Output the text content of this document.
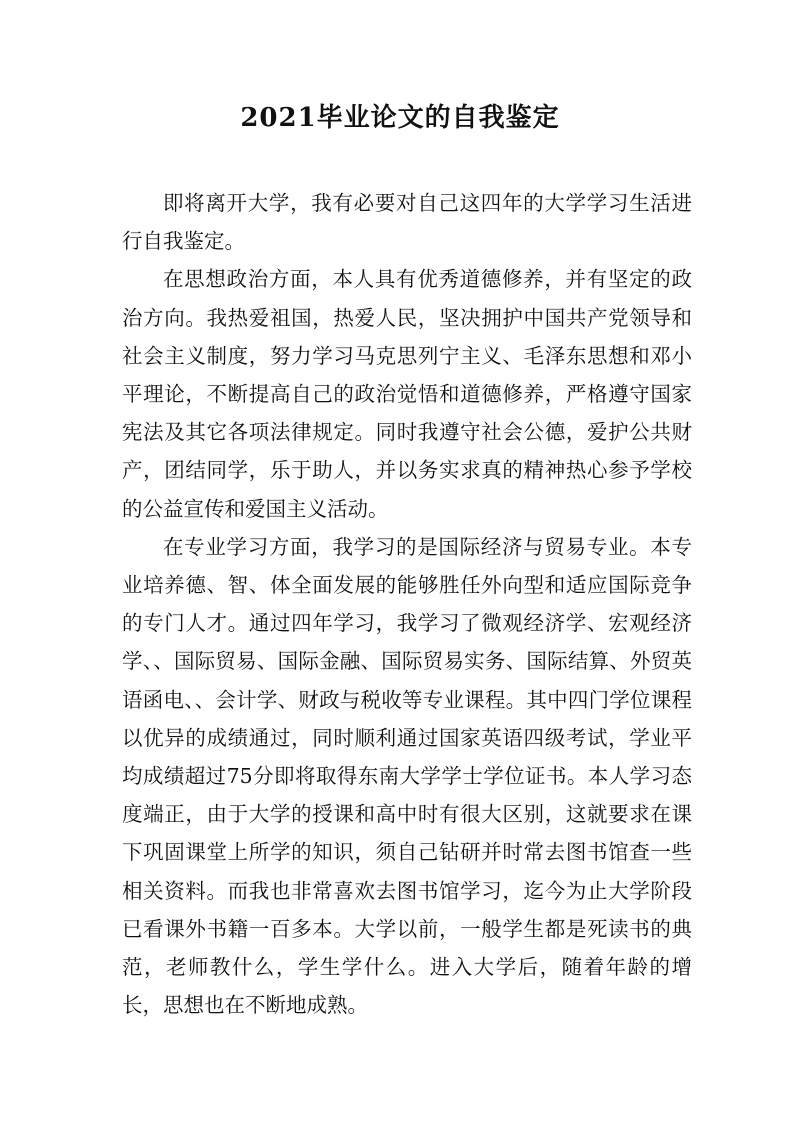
2021毕业论文的自我鉴定

即将离开大学，我有必要对自己这四年的大学学习生活进行自我鉴定。

在思想政治方面，本人具有优秀道德修养，并有坚定的政治方向。我热爱祖国，热爱人民，坚决拥护中国共产党领导和社会主义制度，努力学习马克思列宁主义、毛泽东思想和邓小平理论，不断提高自己的政治觉悟和道德修养，严格遵守国家宪法及其它各项法律规定。同时我遵守社会公德，爱护公共财产，团结同学，乐于助人，并以务实求真的精神热心参予学校的公益宣传和爱国主义活动。

在专业学习方面，我学习的是国际经济与贸易专业。本专业培养德、智、体全面发展的能够胜任外向型和适应国际竞争的专门人才。通过四年学习，我学习了微观经济学、宏观经济学、、国际贸易、国际金融、国际贸易实务、国际结算、外贸英语函电、、会计学、财政与税收等专业课程。其中四门学位课程以优异的成绩通过，同时顺利通过国家英语四级考试，学业平均成绩超过75分即将取得东南大学学士学位证书。本人学习态度端正，由于大学的授课和高中时有很大区别，这就要求在课下巩固课堂上所学的知识，须自己钻研并时常去图书馆查一些相关资料。而我也非常喜欢去图书馆学习，迄今为止大学阶段已看课外书籍一百多本。大学以前，一般学生都是死读书的典范，老师教什么，学生学什么。进入大学后，随着年龄的增长，思想也在不断地成熟。
